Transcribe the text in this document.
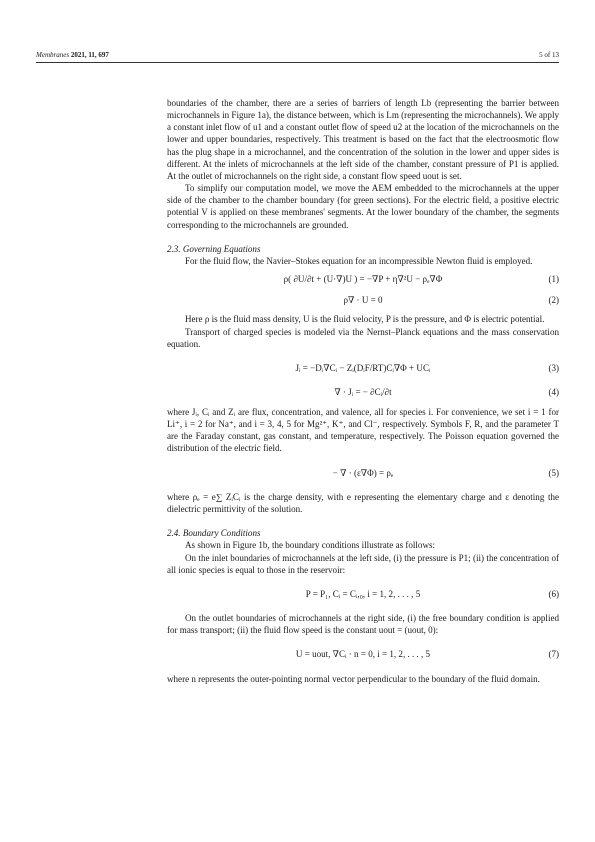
Membranes 2021, 11, 697	5 of 13

boundaries of the chamber, there are a series of barriers of length Lb (representing the barrier between microchannels in Figure 1a), the distance between, which is Lm (representing the microchannels). We apply a constant inlet flow of u1 and a constant outlet flow of speed u2 at the location of the microchannels on the lower and upper boundaries, respectively. This treatment is based on the fact that the electroosmotic flow has the plug shape in a microchannel, and the concentration of the solution in the lower and upper sides is different. At the inlets of microchannels at the left side of the chamber, constant pressure of P1 is applied. At the outlet of microchannels on the right side, a constant flow speed uout is set.

To simplify our computation model, we move the AEM embedded to the microchannels at the upper side of the chamber to the chamber boundary (for green sections). For the electric field, a positive electric potential V is applied on these membranes' segments. At the lower boundary of the chamber, the segments corresponding to the microchannels are grounded.

2.3. Governing Equations

For the fluid flow, the Navier–Stokes equation for an incompressible Newton fluid is employed.

ρ( ∂U/∂t + (U·∇)U ) = −∇P + η∇²U − ρₑ∇Φ	(1)
ρ∇ · U = 0	(2)

Here ρ is the fluid mass density, U is the fluid velocity, P is the pressure, and Φ is electric potential.

Transport of charged species is modeled via the Nernst–Planck equations and the mass conservation equation.

Jᵢ = −Dᵢ∇Cᵢ − Zᵢ(DᵢF/RT)Cᵢ∇Φ + UCᵢ	(3)
∇ · Jᵢ = − ∂Cᵢ/∂t	(4)

where Jᵢ, Cᵢ and Zᵢ are flux, concentration, and valence, all for species i. For convenience, we set i = 1 for Li⁺, i = 2 for Na⁺, and i = 3, 4, 5 for Mg²⁺, K⁺, and Cl⁻, respectively. Symbols F, R, and the parameter T are the Faraday constant, gas constant, and temperature, respectively. The Poisson equation governed the distribution of the electric field.

− ∇ · (ε∇Φ) = ρₑ	(5)

where ρₑ = e∑ ZᵢCᵢ is the charge density, with e representing the elementary charge and ε denoting the dielectric permittivity of the solution.

2.4. Boundary Conditions

As shown in Figure 1b, the boundary conditions illustrate as follows:

On the inlet boundaries of microchannels at the left side, (i) the pressure is P1; (ii) the concentration of all ionic species is equal to those in the reservoir:

P = P₁, Cᵢ = Cᵢ,₀, i = 1, 2, . . . , 5	(6)

On the outlet boundaries of microchannels at the right side, (i) the free boundary condition is applied for mass transport; (ii) the fluid flow speed is the constant uout = (uout, 0):

U = uout, ∇Cᵢ · n = 0, i = 1, 2, . . . , 5	(7)

where n represents the outer-pointing normal vector perpendicular to the boundary of the fluid domain.
